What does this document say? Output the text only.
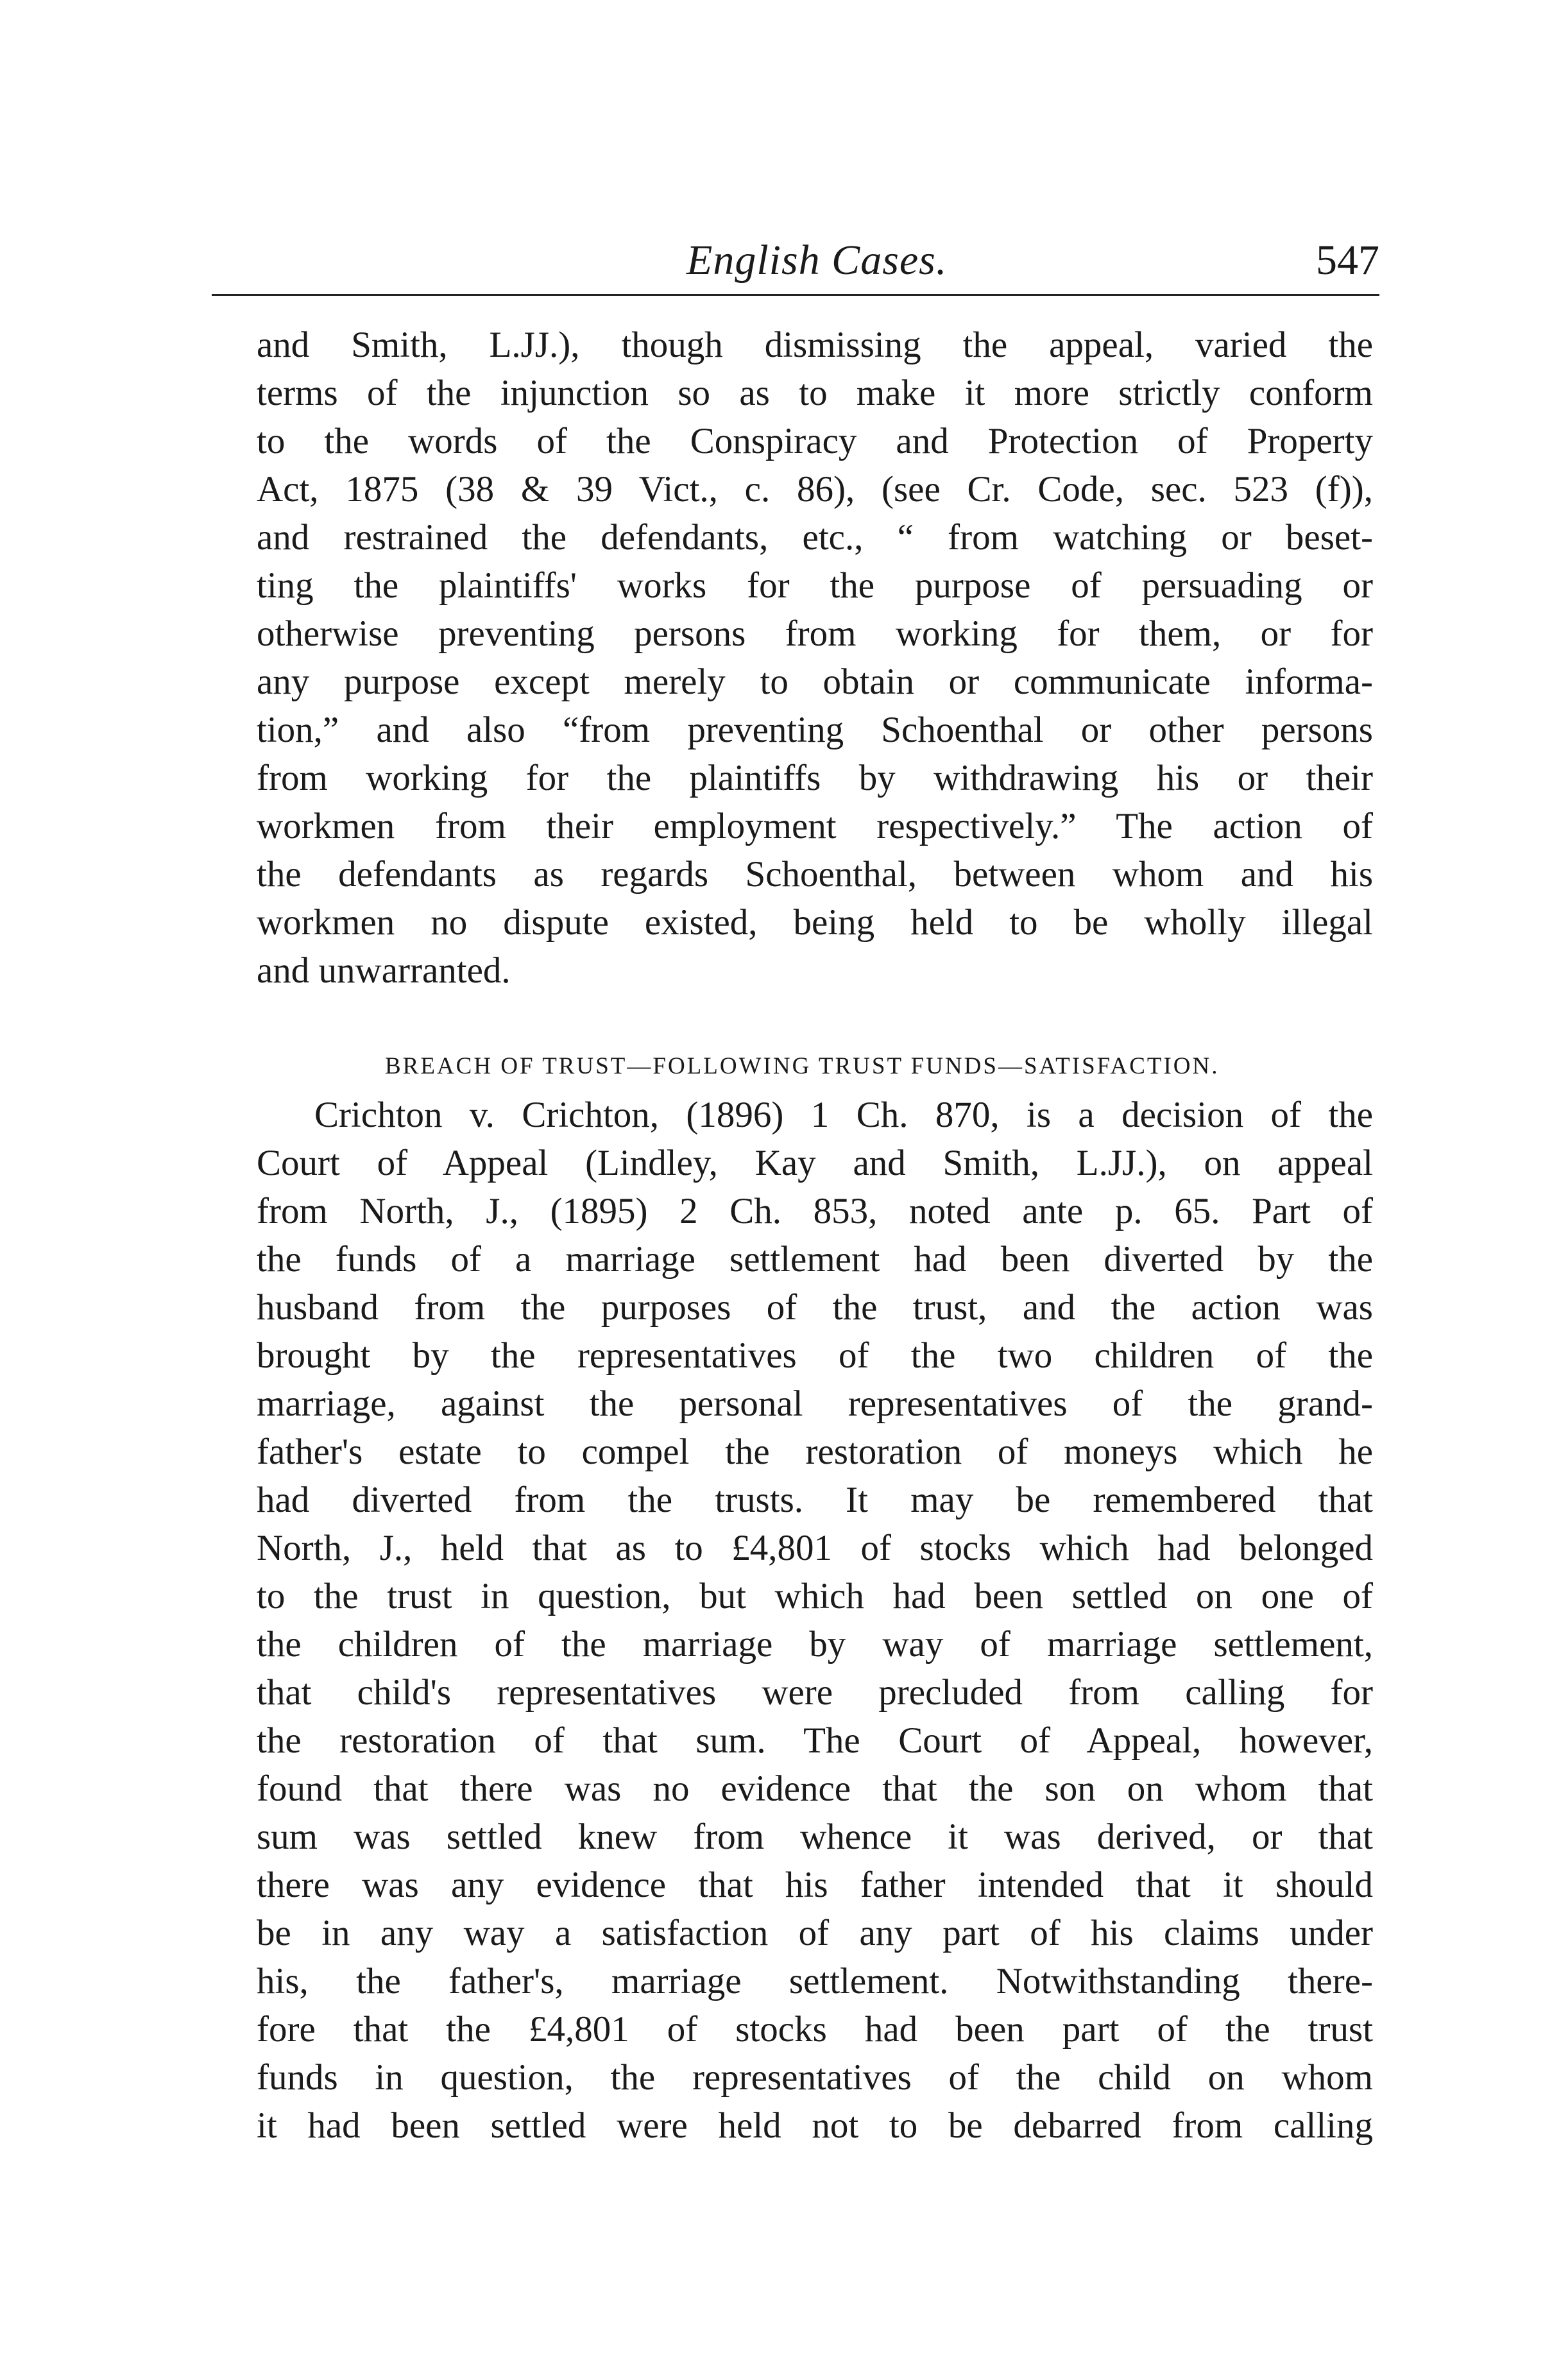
English Cases.	547

and Smith, L.JJ.), though dismissing the appeal, varied the
terms of the injunction so as to make it more strictly conform
to the words of the Conspiracy and Protection of Property
Act, 1875 (38 & 39 Vict., c. 86), (see Cr. Code, sec. 523 (f)),
and restrained the defendants, etc., “ from watching or beset-
ting the plaintiffs' works for the purpose of persuading or
otherwise preventing persons from working for them, or for
any purpose except merely to obtain or communicate informa-
tion,” and also “from preventing Schoenthal or other persons
from working for the plaintiffs by withdrawing his or their
workmen from their employment respectively.” The action of
the defendants as regards Schoenthal, between whom and his
workmen no dispute existed, being held to be wholly illegal
and unwarranted.

BREACH OF TRUST—FOLLOWING TRUST FUNDS—SATISFACTION.

Crichton v. Crichton, (1896) 1 Ch. 870, is a decision of the
Court of Appeal (Lindley, Kay and Smith, L.JJ.), on appeal
from North, J., (1895) 2 Ch. 853, noted ante p. 65. Part of
the funds of a marriage settlement had been diverted by the
husband from the purposes of the trust, and the action was
brought by the representatives of the two children of the
marriage, against the personal representatives of the grand-
father's estate to compel the restoration of moneys which he
had diverted from the trusts. It may be remembered that
North, J., held that as to £4,801 of stocks which had belonged
to the trust in question, but which had been settled on one of
the children of the marriage by way of marriage settlement,
that child's representatives were precluded from calling for
the restoration of that sum. The Court of Appeal, however,
found that there was no evidence that the son on whom that
sum was settled knew from whence it was derived, or that
there was any evidence that his father intended that it should
be in any way a satisfaction of any part of his claims under
his, the father's, marriage settlement. Notwithstanding there-
fore that the £4,801 of stocks had been part of the trust
funds in question, the representatives of the child on whom
it had been settled were held not to be debarred from calling
